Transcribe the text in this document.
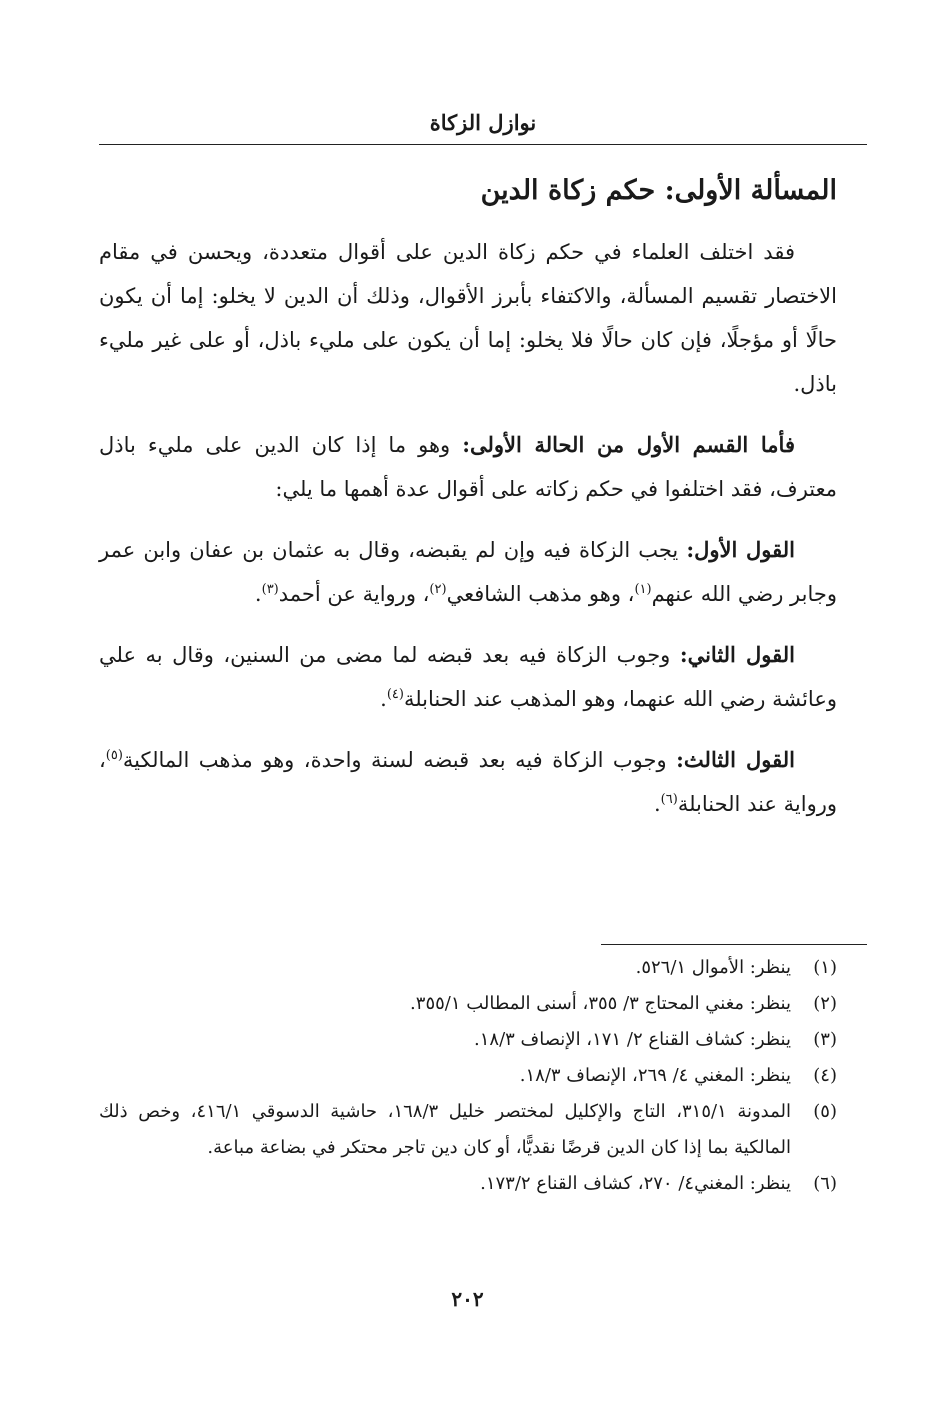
نوازل الزكاة
المسألة الأولى: حكم زكاة الدين

فقد اختلف العلماء في حكم زكاة الدين على أقوال متعددة، ويحسن في مقام الاختصار تقسيم المسألة، والاكتفاء بأبرز الأقوال، وذلك أن الدين لا يخلو: إما أن يكون حالًا أو مؤجلًا، فإن كان حالًا فلا يخلو: إما أن يكون على مليء باذل، أو على غير مليء باذل.

فأما القسم الأول من الحالة الأولى: وهو ما إذا كان الدين على مليء باذل معترف، فقد اختلفوا في حكم زكاته على أقوال عدة أهمها ما يلي:

القول الأول: يجب الزكاة فيه وإن لم يقبضه، وقال به عثمان بن عفان وابن عمر وجابر رضي الله عنهم$^{(١)}$، وهو مذهب الشافعي$^{(٢)}$، ورواية عن أحمد$^{(٣)}$.

القول الثاني: وجوب الزكاة فيه بعد قبضه لما مضى من السنين، وقال به علي وعائشة رضي الله عنهما، وهو المذهب عند الحنابلة$^{(٤)}$.

القول الثالث: وجوب الزكاة فيه بعد قبضه لسنة واحدة، وهو مذهب المالكية$^{(٥)}$، ورواية عند الحنابلة$^{(٦)}$.

(١)
ينظر: الأموال ٥٢٦/١.
(٢)
ينظر: مغني المحتاج ٣/ ٣٥٥، أسنى المطالب ٣٥٥/١.
(٣)
ينظر: كشاف القناع ٢/ ١٧١، الإنصاف ١٨/٣.
(٤)
ينظر: المغني ٤/ ٢٦٩، الإنصاف ١٨/٣.
(٥)
المدونة ٣١٥/١، التاج والإكليل لمختصر خليل ١٦٨/٣، حاشية الدسوقي ٤١٦/١، وخص ذلك المالكية بما إذا كان الدين قرضًا نقديًّا، أو كان دين تاجر محتكر في بضاعة مباعة.
(٦)
ينظر: المغني٤/ ٢٧٠، كشاف القناع ١٧٣/٢.
٢٠٢
